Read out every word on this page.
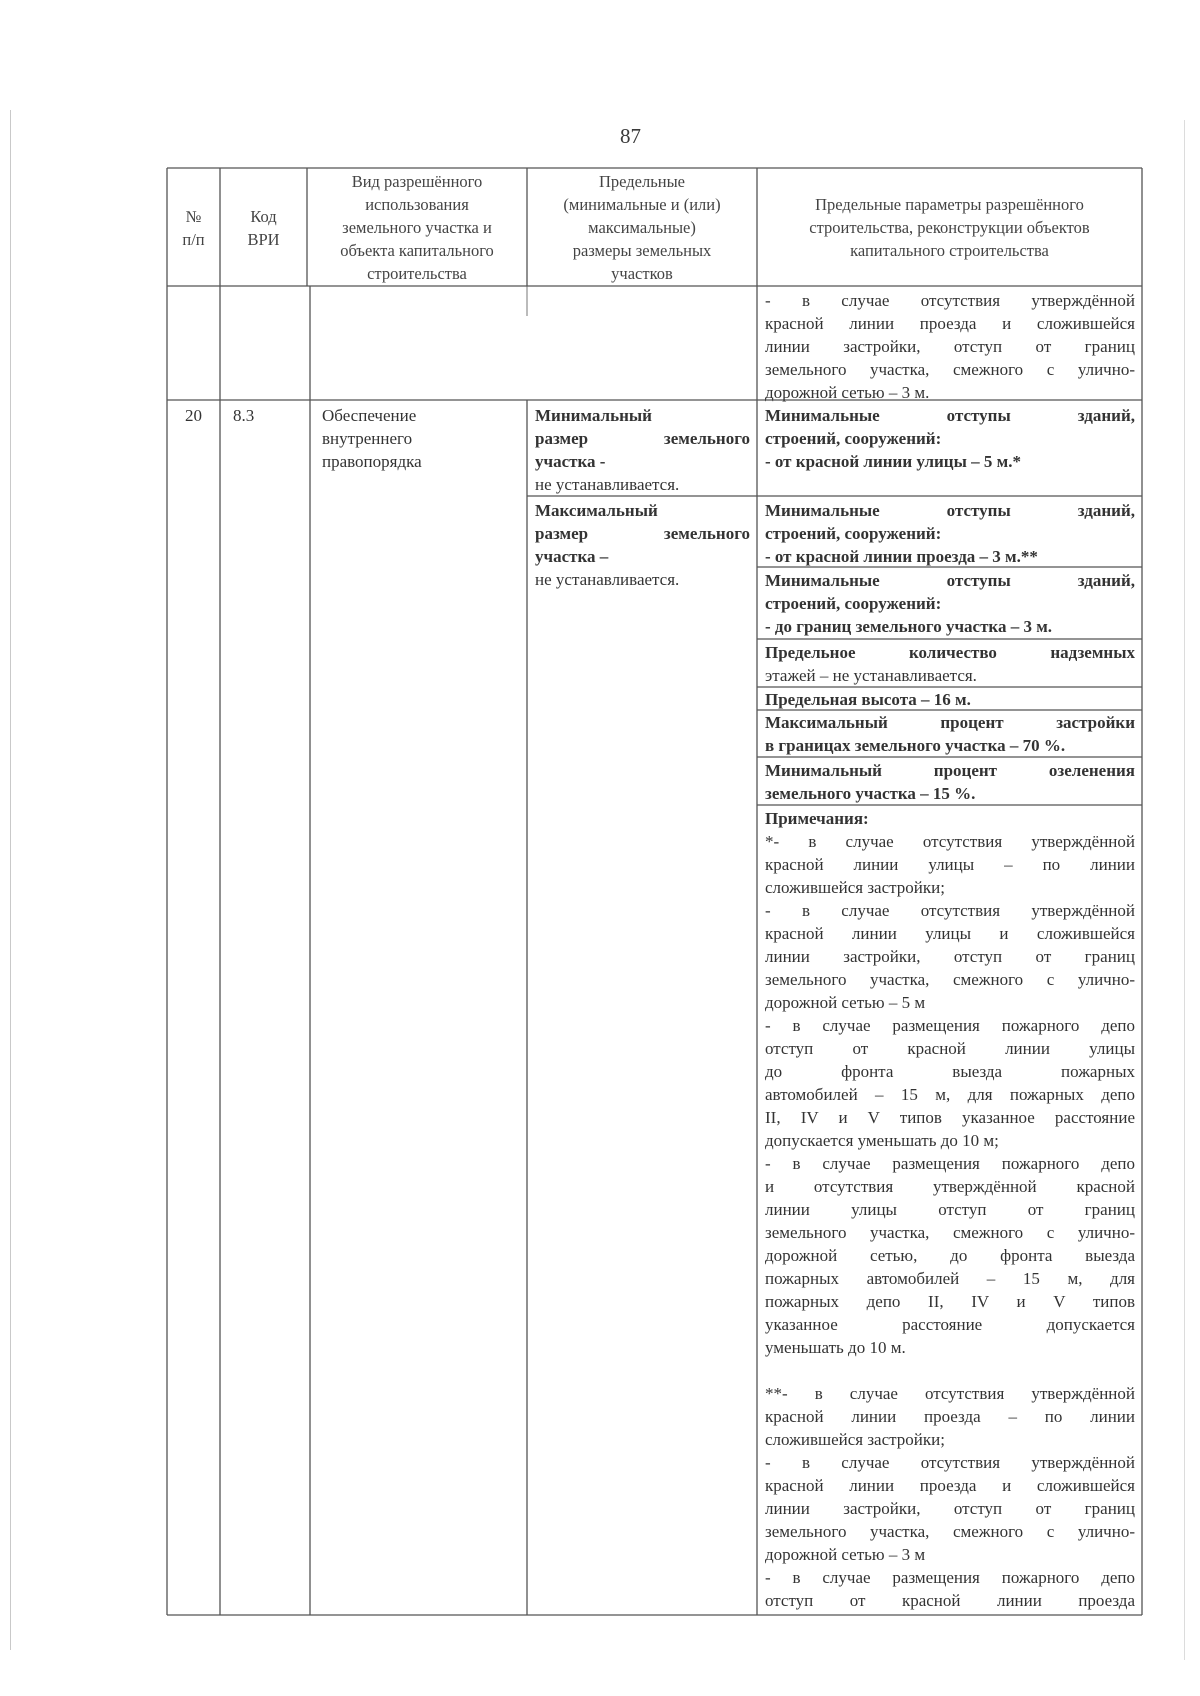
87
№
п/п
Код
ВРИ
Вид разрешённого
использования
земельного участка и
объекта капитального
строительства
Предельные
(минимальные и (или)
максимальные)
размеры земельных
участков
Предельные параметры разрешённого
строительства, реконструкции объектов
капитального строительства
- в случае отсутствия утверждённой
красной линии проезда и сложившейся
линии застройки, отступ от границ
земельного участка, смежного с улично-
дорожной сетью – 3 м.
20	8.3	Обеспечение
внутреннего
правопорядка
Минимальный
размер земельного
участка -
не устанавливается.
Максимальный
размер земельного
участка –
не устанавливается.
Минимальные отступы зданий,
строений, сооружений:
- от красной линии улицы – 5 м.*
Минимальные отступы зданий,
строений, сооружений:
- от красной линии проезда – 3 м.**
Минимальные отступы зданий,
строений, сооружений:
- до границ земельного участка – 3 м.
Предельное количество надземных
этажей – не устанавливается.
Предельная высота – 16 м.
Максимальный процент застройки
в границах земельного участка – 70 %.
Минимальный процент озеленения
земельного участка – 15 %.
Примечания:
*- в случае отсутствия утверждённой
красной линии улицы – по линии
сложившейся застройки;
- в случае отсутствия утверждённой
красной линии улицы и сложившейся
линии застройки, отступ от границ
земельного участка, смежного с улично-
дорожной сетью – 5 м
- в случае размещения пожарного депо
отступ от красной линии улицы
до фронта выезда пожарных
автомобилей – 15 м, для пожарных депо
II, IV и V типов указанное расстояние
допускается уменьшать до 10 м;
- в случае размещения пожарного депо
и отсутствия утверждённой красной
линии улицы отступ от границ
земельного участка, смежного с улично-
дорожной сетью, до фронта выезда
пожарных автомобилей – 15 м, для
пожарных депо II, IV и V типов
указанное расстояние допускается
уменьшать до 10 м.
**- в случае отсутствия утверждённой
красной линии проезда – по линии
сложившейся застройки;
- в случае отсутствия утверждённой
красной линии проезда и сложившейся
линии застройки, отступ от границ
земельного участка, смежного с улично-
дорожной сетью – 3 м
- в случае размещения пожарного депо
отступ от красной линии проезда
